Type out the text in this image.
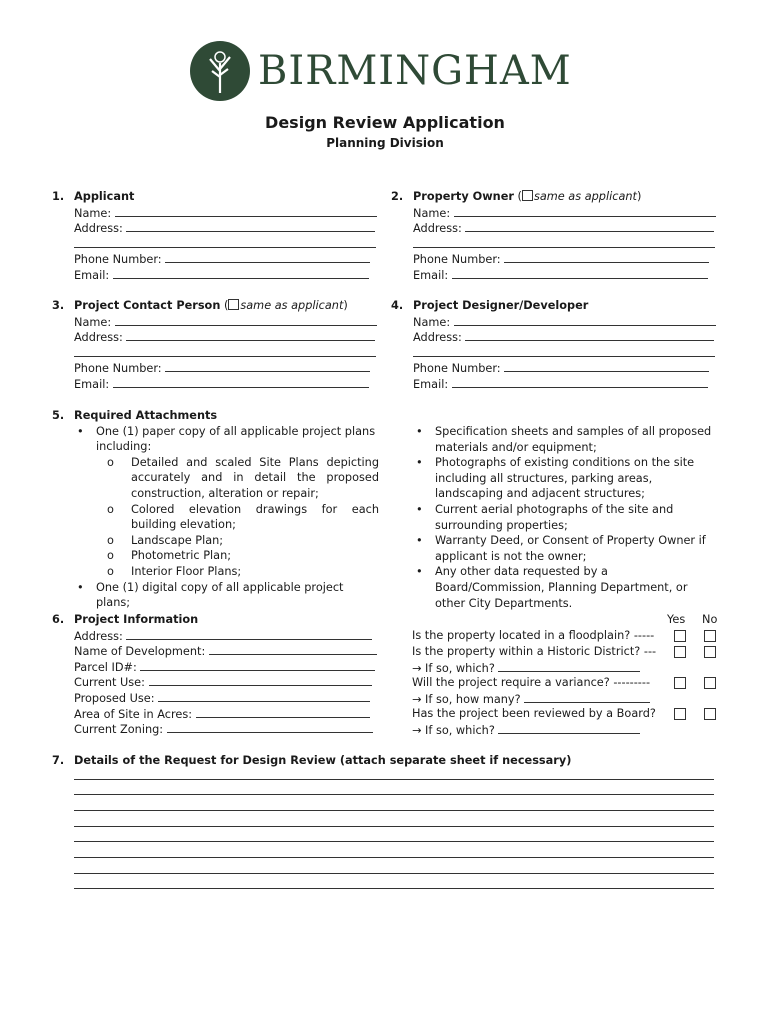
BIRMINGHAM
Design Review Application
Planning Division
1. Applicant
Name:
Address:
Phone Number:
Email:
2. Property Owner ( same as applicant)
Name:
Address:
Phone Number:
Email:
3. Project Contact Person ( same as applicant)
Name:
Address:
Phone Number:
Email:
4. Project Designer/Developer
Name:
Address:
Phone Number:
Email:
5. Required Attachments
• One (1) paper copy of all applicable project plans including:
o Detailed and scaled Site Plans depicting accurately and in detail the proposed construction, alteration or repair;
o Colored elevation drawings for each building elevation;
o Landscape Plan;
o Photometric Plan;
o Interior Floor Plans;
• One (1) digital copy of all applicable project plans;
• Specification sheets and samples of all proposed materials and/or equipment;
• Photographs of existing conditions on the site including all structures, parking areas, landscaping and adjacent structures;
• Current aerial photographs of the site and surrounding properties;
• Warranty Deed, or Consent of Property Owner if applicant is not the owner;
• Any other data requested by a Board/Commission, Planning Department, or other City Departments.
6. Project Information
Address:
Name of Development:
Parcel ID#:
Current Use:
Proposed Use:
Area of Site in Acres:
Current Zoning:
Yes	No
Is the property located in a floodplain? -----
Is the property within a Historic District? ---
→ If so, which?
Will the project require a variance? ---------
→ If so, how many?
Has the project been reviewed by a Board?
→ If so, which?
7. Details of the Request for Design Review (attach separate sheet if necessary)
